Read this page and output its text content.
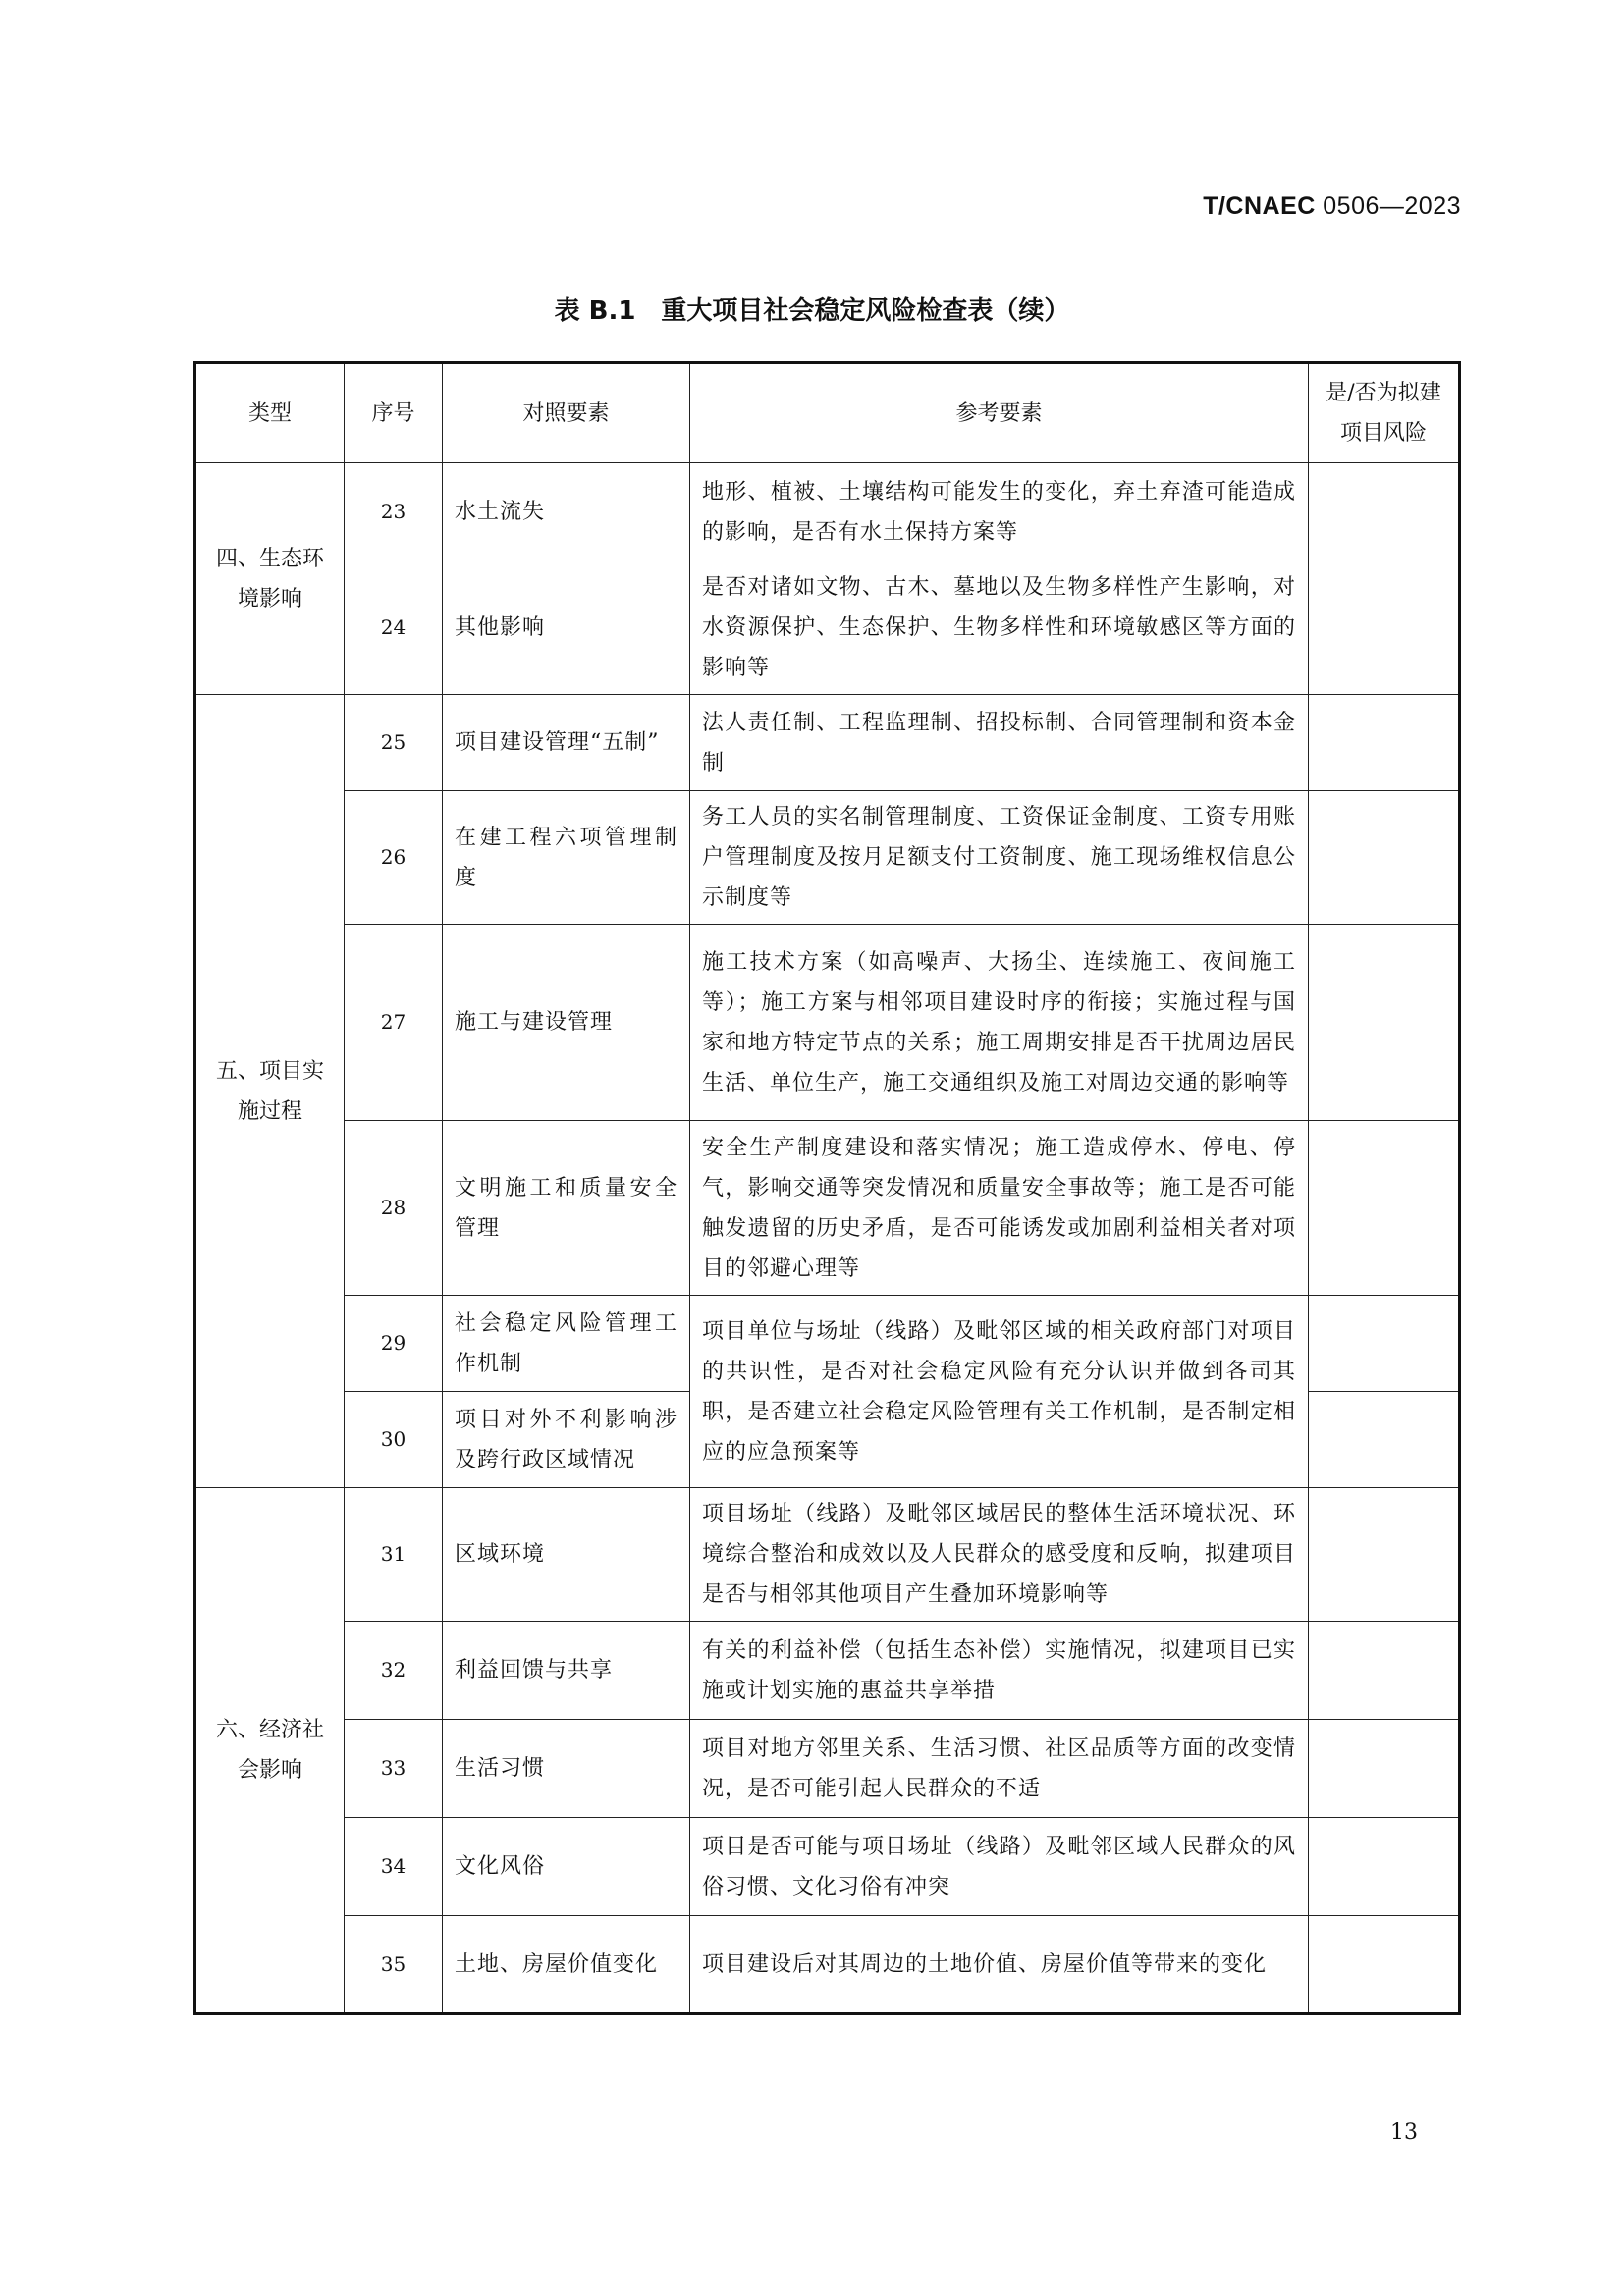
T/CNAEC 0506—2023
表 B.1　重大项目社会稳定风险检查表（续）
类型	序号	对照要素	参考要素	是/否为拟建项目风险
四、生态环境影响	23	水土流失	地形、植被、土壤结构可能发生的变化，弃土弃渣可能造成的影响，是否有水土保持方案等	
	24	其他影响	是否对诸如文物、古木、墓地以及生物多样性产生影响，对水资源保护、生态保护、生物多样性和环境敏感区等方面的影响等	
五、项目实施过程	25	项目建设管理“五制”	法人责任制、工程监理制、招投标制、合同管理制和资本金制	
	26	在建工程六项管理制度	务工人员的实名制管理制度、工资保证金制度、工资专用账户管理制度及按月足额支付工资制度、施工现场维权信息公示制度等	
	27	施工与建设管理	施工技术方案（如高噪声、大扬尘、连续施工、夜间施工等）；施工方案与相邻项目建设时序的衔接；实施过程与国家和地方特定节点的关系；施工周期安排是否干扰周边居民生活、单位生产，施工交通组织及施工对周边交通的影响等	
	28	文明施工和质量安全管理	安全生产制度建设和落实情况；施工造成停水、停电、停气，影响交通等突发情况和质量安全事故等；施工是否可能触发遗留的历史矛盾，是否可能诱发或加剧利益相关者对项目的邻避心理等	
	29	社会稳定风险管理工作机制	项目单位与场址（线路）及毗邻区域的相关政府部门对项目的共识性，是否对社会稳定风险有充分认识并做到各司其职，是否建立社会稳定风险管理有关工作机制，是否制定相应的应急预案等	
	30	项目对外不利影响涉及跨行政区域情况		
六、经济社会影响	31	区域环境	项目场址（线路）及毗邻区域居民的整体生活环境状况、环境综合整治和成效以及人民群众的感受度和反响，拟建项目是否与相邻其他项目产生叠加环境影响等	
	32	利益回馈与共享	有关的利益补偿（包括生态补偿）实施情况，拟建项目已实施或计划实施的惠益共享举措	
	33	生活习惯	项目对地方邻里关系、生活习惯、社区品质等方面的改变情况，是否可能引起人民群众的不适	
	34	文化风俗	项目是否可能与项目场址（线路）及毗邻区域人民群众的风俗习惯、文化习俗有冲突	
	35	土地、房屋价值变化	项目建设后对其周边的土地价值、房屋价值等带来的变化	
13
